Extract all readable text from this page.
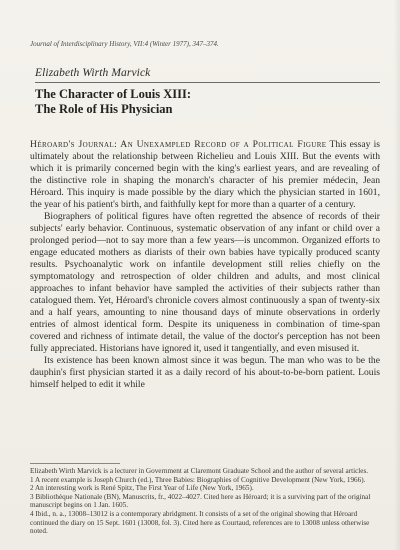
Journal of Interdisciplinary History, VII:4 (Winter 1977), 347–374.
Elizabeth Wirth Marvick
The Character of Louis XIII:
The Role of His Physician

Héroard's Journal: An Unexampled Record of a Political Figure This essay is ultimately about the relationship between Richelieu and Louis XIII. But the events with which it is primarily concerned begin with the king's earliest years, and are revealing of the distinctive role in shaping the monarch's character of his premier médecin, Jean Héroard. This inquiry is made possible by the diary which the physician started in 1601, the year of his patient's birth, and faithfully kept for more than a quarter of a century.

Biographers of political figures have often regretted the absence of records of their subjects' early behavior. Continuous, systematic observation of any infant or child over a prolonged period—not to say more than a few years—is uncommon. Organized efforts to engage educated mothers as diarists of their own babies have typically produced scanty results. Psychoanalytic work on infantile development still relies chiefly on the symptomatology and retrospection of older children and adults, and most clinical approaches to infant behavior have sampled the activities of their subjects rather than catalogued them. Yet, Héroard's chronicle covers almost continuously a span of twenty-six and a half years, amounting to nine thousand days of minute observations in orderly entries of almost identical form. Despite its uniqueness in combination of time-span covered and richness of intimate detail, the value of the doctor's perception has not been fully appreciated. Historians have ignored it, used it tangentially, and even misused it.

Its existence has been known almost since it was begun. The man who was to be the dauphin's first physician started it as a daily record of his about-to-be-born patient. Louis himself helped to edit it while

Elizabeth Wirth Marvick is a lecturer in Government at Claremont Graduate School and the author of several articles.

1 A recent example is Joseph Church (ed.), Three Babies: Biographies of Cognitive Development (New York, 1966).

2 An interesting work is René Spitz, The First Year of Life (New York, 1965).

3 Bibliothèque Nationale (BN), Manuscrits, fr., 4022–4027. Cited here as Héroard; it is a surviving part of the original manuscript begins on 1 Jan. 1605.

4 Ibid., n. a., 13008–13012 is a contemporary abridgment. It consists of a set of the original showing that Héroard continued the diary on 15 Sept. 1601 (13008, fol. 3). Cited here as Courtaud, references are to 13008 unless otherwise noted.
